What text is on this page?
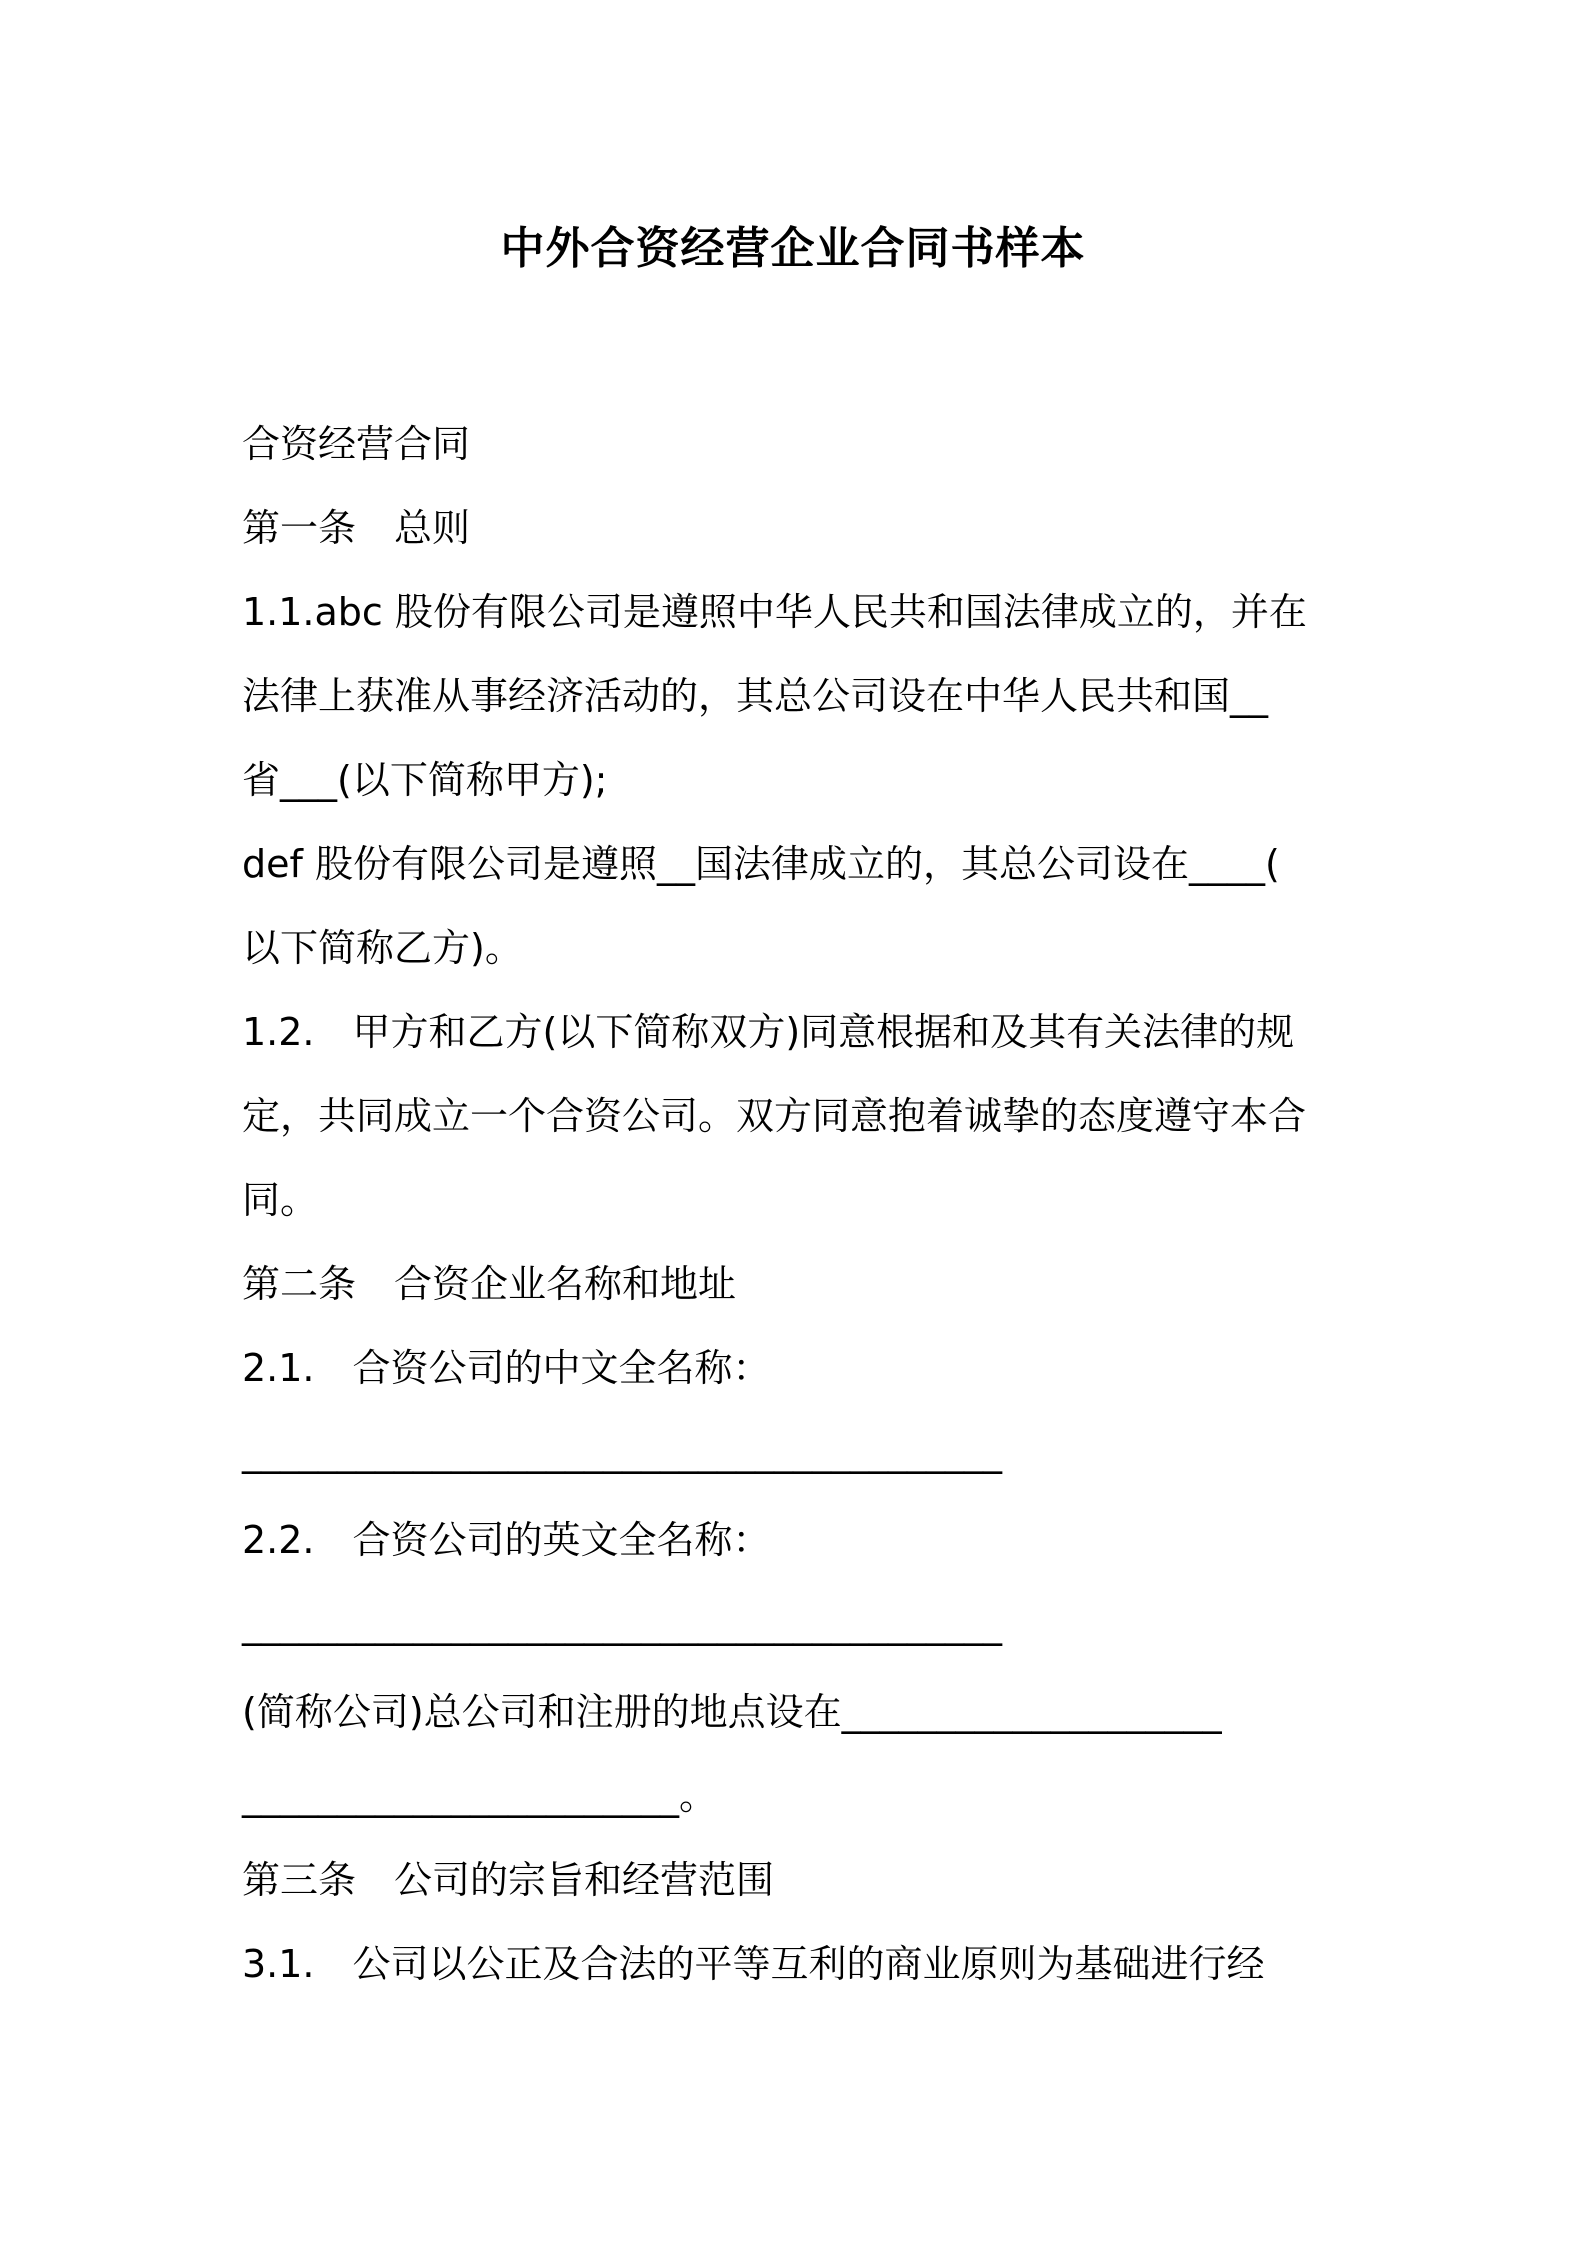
中外合资经营企业合同书样本
合资经营合同
第一条　总则
1.1.abc 股份有限公司是遵照中华人民共和国法律成立的，并在
法律上获准从事经济活动的，其总公司设在中华人民共和国__
省___(以下简称甲方);
def 股份有限公司是遵照__国法律成立的，其总公司设在____(
以下简称乙方)。
1.2.　甲方和乙方(以下简称双方)同意根据和及其有关法律的规
定，共同成立一个合资公司。双方同意抱着诚挚的态度遵守本合
同。
第二条　合资企业名称和地址
2.1.　合资公司的中文全名称：
________________________________________
2.2.　合资公司的英文全名称：
________________________________________
(简称公司)总公司和注册的地点设在____________________
_______________________。
第三条　公司的宗旨和经营范围
3.1.　公司以公正及合法的平等互利的商业原则为基础进行经
